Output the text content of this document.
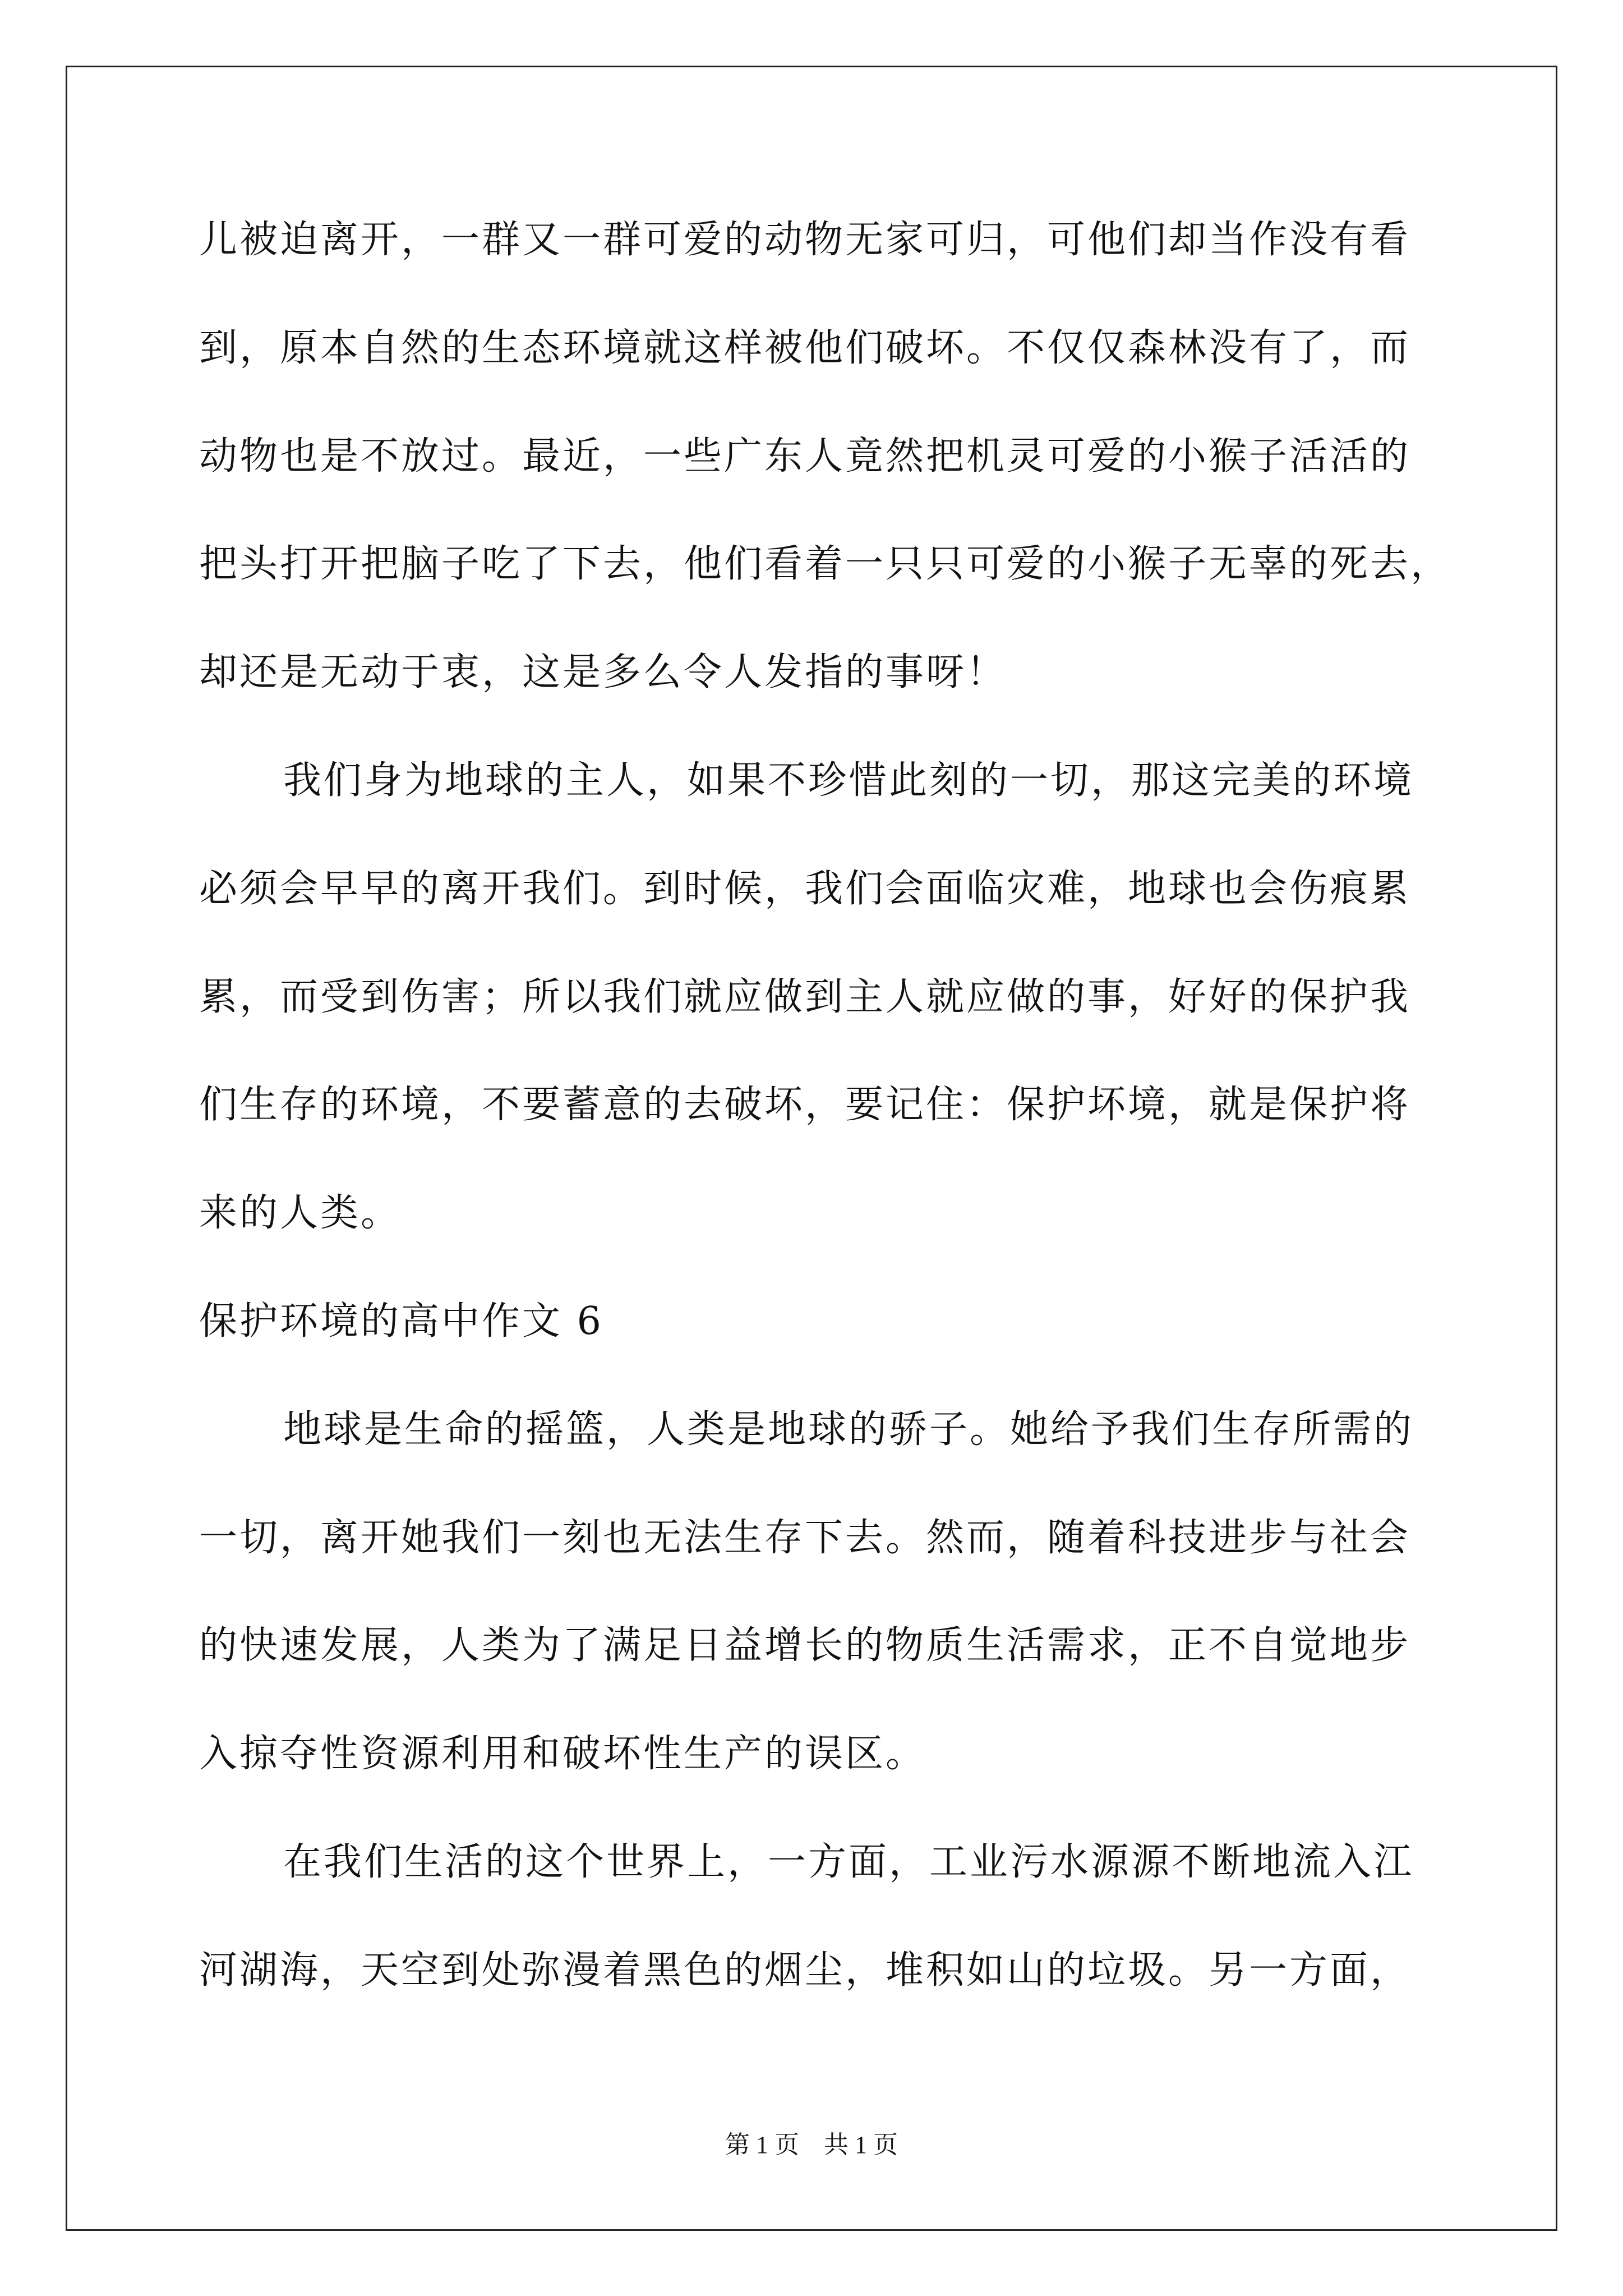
儿被迫离开，一群又一群可爱的动物无家可归，可他们却当作没有看
到，原本自然的生态环境就这样被他们破坏。不仅仅森林没有了，而
动物也是不放过。最近，一些广东人竟然把机灵可爱的小猴子活活的
把头打开把脑子吃了下去，他们看着一只只可爱的小猴子无辜的死去，
却还是无动于衷，这是多么令人发指的事呀！
我们身为地球的主人，如果不珍惜此刻的一切，那这完美的环境
必须会早早的离开我们。到时候，我们会面临灾难，地球也会伤痕累
累，而受到伤害；所以我们就应做到主人就应做的事，好好的保护我
们生存的环境，不要蓄意的去破坏，要记住：保护坏境，就是保护将
来的人类。
保护环境的高中作文 6
地球是生命的摇篮，人类是地球的骄子。她给予我们生存所需的
一切，离开她我们一刻也无法生存下去。然而，随着科技进步与社会
的快速发展，人类为了满足日益增长的物质生活需求，正不自觉地步
入掠夺性资源利用和破坏性生产的误区。
在我们生活的这个世界上，一方面，工业污水源源不断地流入江
河湖海，天空到处弥漫着黑色的烟尘，堆积如山的垃圾。另一方面，
第 1 页 共 1 页
